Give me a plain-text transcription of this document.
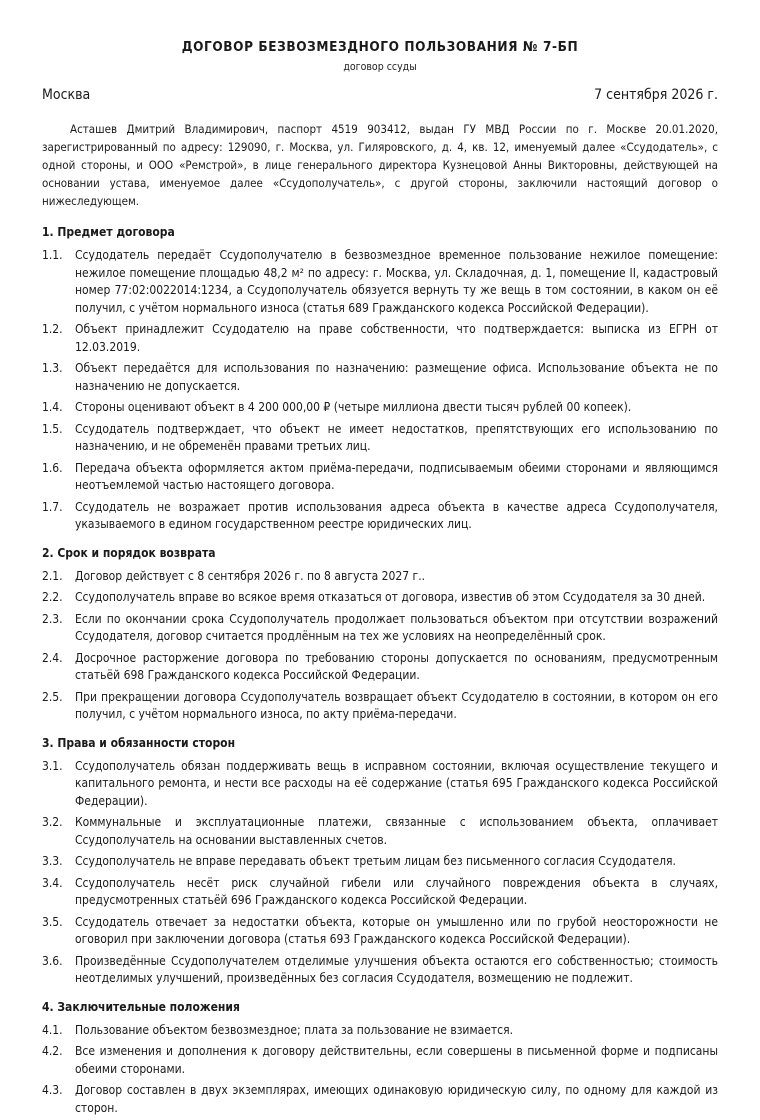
ДОГОВОР БЕЗВОЗМЕЗДНОГО ПОЛЬЗОВАНИЯ № 7-БП
договор ссуды
Москва	7 сентября 2026 г.

Асташев Дмитрий Владимирович, паспорт 4519 903412, выдан ГУ МВД России по г. Москве 20.01.2020, зарегистрированный по адресу: 129090, г. Москва, ул. Гиляровского, д. 4, кв. 12, именуемый далее «Ссудодатель», с одной стороны, и ООО «Ремстрой», в лице генерального директора Кузнецовой Анны Викторовны, действующей на основании устава, именуемое далее «Ссудополучатель», с другой стороны, заключили настоящий договор о нижеследующем.

1. Предмет договора
1.1.	Ссудодатель передаёт Ссудополучателю в безвозмездное временное пользование нежилое помещение: нежилое помещение площадью 48,2 м² по адресу: г. Москва, ул. Складочная, д. 1, помещение II, кадастровый номер 77:02:0022014:1234, а Ссудополучатель обязуется вернуть ту же вещь в том состоянии, в каком он её получил, с учётом нормального износа (статья 689 Гражданского кодекса Российской Федерации).
1.2.	Объект принадлежит Ссудодателю на праве собственности, что подтверждается: выписка из ЕГРН от 12.03.2019.
1.3.	Объект передаётся для использования по назначению: размещение офиса. Использование объекта не по назначению не допускается.
1.4.	Стороны оценивают объект в 4 200 000,00 ₽ (четыре миллиона двести тысяч рублей 00 копеек).
1.5.	Ссудодатель подтверждает, что объект не имеет недостатков, препятствующих его использованию по назначению, и не обременён правами третьих лиц.
1.6.	Передача объекта оформляется актом приёма-передачи, подписываемым обеими сторонами и являющимся неотъемлемой частью настоящего договора.
1.7.	Ссудодатель не возражает против использования адреса объекта в качестве адреса Ссудополучателя, указываемого в едином государственном реестре юридических лиц.
2. Срок и порядок возврата
2.1.	Договор действует с 8 сентября 2026 г. по 8 августа 2027 г..
2.2.	Ссудополучатель вправе во всякое время отказаться от договора, известив об этом Ссудодателя за 30 дней.
2.3.	Если по окончании срока Ссудополучатель продолжает пользоваться объектом при отсутствии возражений Ссудодателя, договор считается продлённым на тех же условиях на неопределённый срок.
2.4.	Досрочное расторжение договора по требованию стороны допускается по основаниям, предусмотренным статьёй 698 Гражданского кодекса Российской Федерации.
2.5.	При прекращении договора Ссудополучатель возвращает объект Ссудодателю в состоянии, в котором он его получил, с учётом нормального износа, по акту приёма-передачи.
3. Права и обязанности сторон
3.1.	Ссудополучатель обязан поддерживать вещь в исправном состоянии, включая осуществление текущего и капитального ремонта, и нести все расходы на её содержание (статья 695 Гражданского кодекса Российской Федерации).
3.2.	Коммунальные и эксплуатационные платежи, связанные с использованием объекта, оплачивает Ссудополучатель на основании выставленных счетов.
3.3.	Ссудополучатель не вправе передавать объект третьим лицам без письменного согласия Ссудодателя.
3.4.	Ссудополучатель несёт риск случайной гибели или случайного повреждения объекта в случаях, предусмотренных статьёй 696 Гражданского кодекса Российской Федерации.
3.5.	Ссудодатель отвечает за недостатки объекта, которые он умышленно или по грубой неосторожности не оговорил при заключении договора (статья 693 Гражданского кодекса Российской Федерации).
3.6.	Произведённые Ссудополучателем отделимые улучшения объекта остаются его собственностью; стоимость неотделимых улучшений, произведённых без согласия Ссудодателя, возмещению не подлежит.
4. Заключительные положения
4.1.	Пользование объектом безвозмездное; плата за пользование не взимается.
4.2.	Все изменения и дополнения к договору действительны, если совершены в письменной форме и подписаны обеими сторонами.
4.3.	Договор составлен в двух экземплярах, имеющих одинаковую юридическую силу, по одному для каждой из сторон.
